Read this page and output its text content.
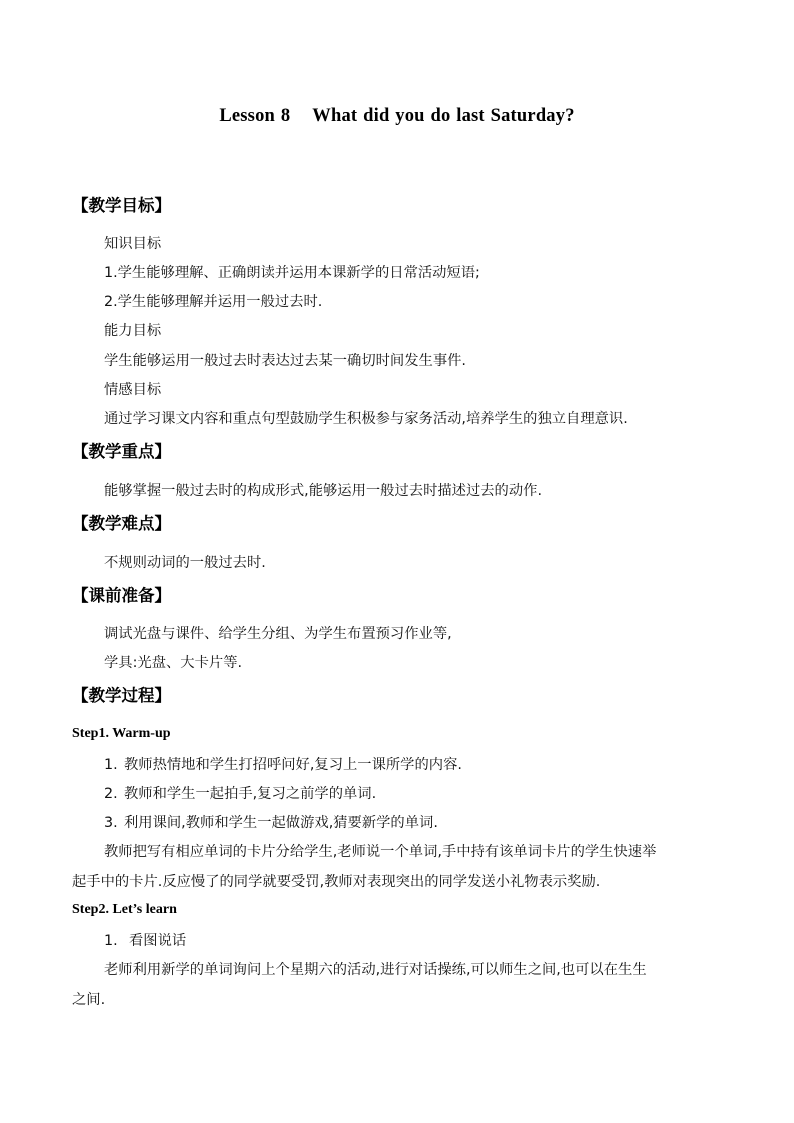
Lesson 8 What did you do last Saturday?
【教学目标】
知识目标
1.学生能够理解、正确朗读并运用本课新学的日常活动短语;
2.学生能够理解并运用一般过去时.
能力目标
学生能够运用一般过去时表达过去某一确切时间发生事件.
情感目标
通过学习课文内容和重点句型鼓励学生积极参与家务活动,培养学生的独立自理意识.
【教学重点】
能够掌握一般过去时的构成形式,能够运用一般过去时描述过去的动作.
【教学难点】
不规则动词的一般过去时.
【课前准备】
调试光盘与课件、给学生分组、为学生布置预习作业等,
学具:光盘、大卡片等.
【教学过程】
Step1. Warm-up
1. 教师热情地和学生打招呼问好,复习上一课所学的内容.
2. 教师和学生一起拍手,复习之前学的单词.
3. 利用课间,教师和学生一起做游戏,猜要新学的单词.
教师把写有相应单词的卡片分给学生,老师说一个单词,手中持有该单词卡片的学生快速举
起手中的卡片.反应慢了的同学就要受罚,教师对表现突出的同学发送小礼物表示奖励.
Step2. Let’s learn
1. 看图说话
老师利用新学的单词询问上个星期六的活动,进行对话操练,可以师生之间,也可以在生生
之间.
